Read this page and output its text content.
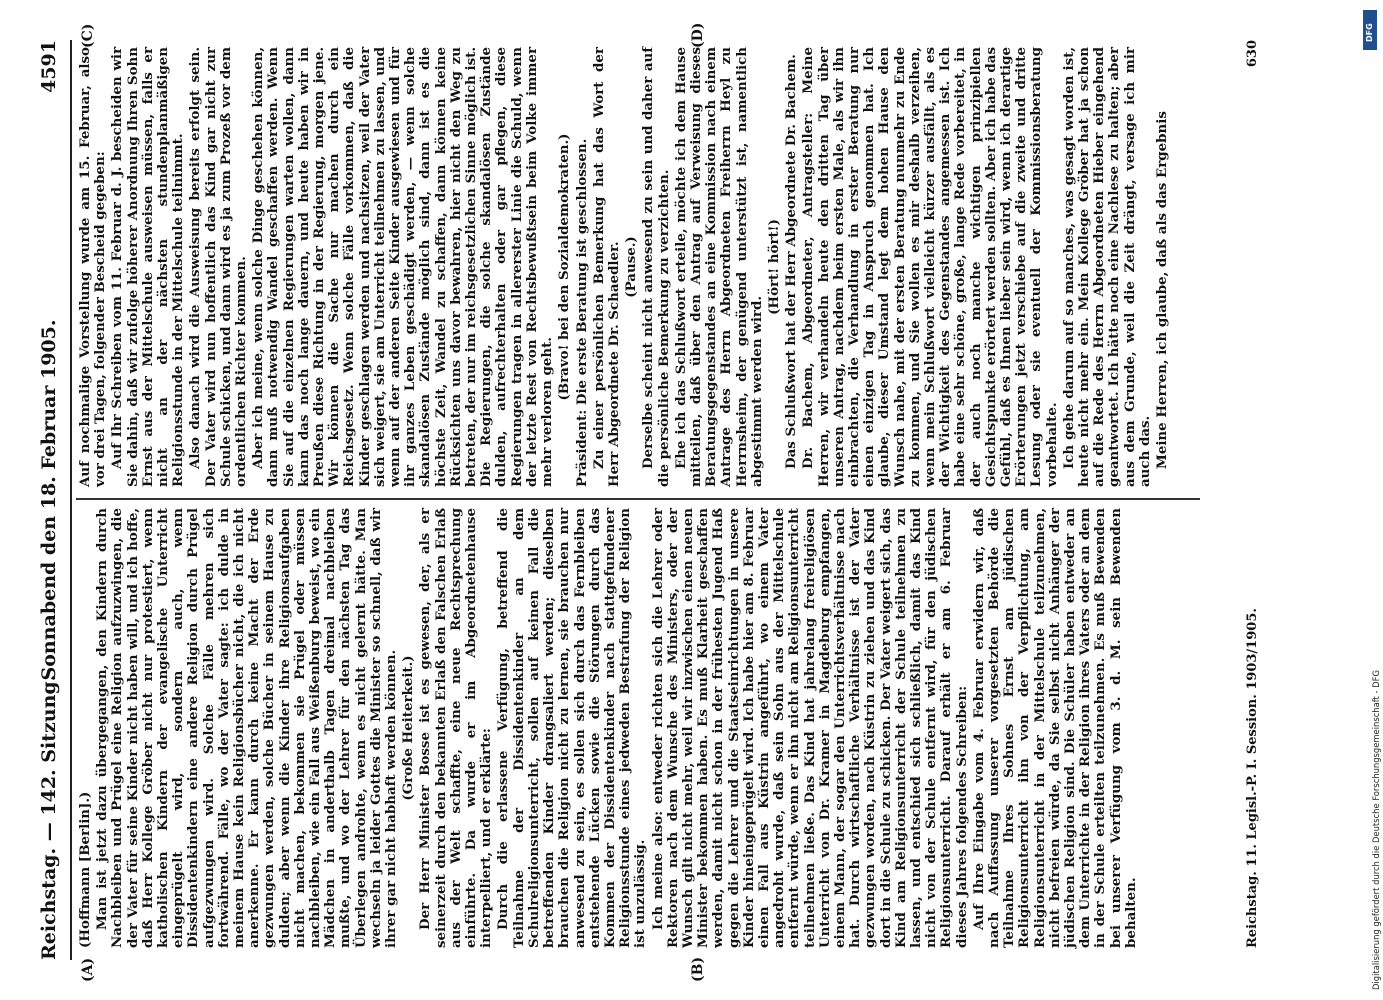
Reichstag. — 142. Sitzung.
Sonnabend den 18. Februar 1905.
4591
(A)	(B)
(C)	(D)

(Hoffmann [Berlin].) Man ist jetzt dazu übergegangen, den Kindern durch Nachbleiben und Prügel eine Religion aufzuzwingen, die der Vater für seine Kinder nicht haben will, und ich hoffe, daß Herr Kollege Gröber nicht nur protestiert, wenn katholischen Kindern der evangelische Unterricht eingeprügelt wird, sondern auch, wenn Dissidentenkindern eine andere Religion durch Prügel aufgezwungen wird. Solche Fälle mehren sich fortwährend. Fälle, wo der Vater sagte: ich dulde in meinem Hause kein Religionsbücher nicht, die ich nicht anerkenne. Er kann durch keine Macht der Erde gezwungen werden, solche Bücher in seinem Hause zu dulden; aber wenn die Kinder ihre Religionsaufgaben nicht machen, bekommen sie Prügel oder müssen nachbleiben, wie ein Fall aus Weißenburg beweist, wo ein Mädchen in anderthalb Tagen dreimal nachbleiben mußte, und wo der Lehrer für den nächsten Tag das Überlegen androhte, wenn es nicht gelernt hätte. Man wechseln ja leider Gottes die Minister so schnell, daß wir ihrer gar nicht habhaft werden können. (Große Heiterkeit.) Der Herr Minister Bosse ist es gewesen, der, als er seinerzeit durch den bekannten Erlaß den Falschen Erlaß aus der Welt schaffte, eine neue Rechtsprechung einführte. Da wurde er im Abgeordnetenhause interpelliert, und er erklärte: Durch die erlassene Verfügung, betreffend die Teilnahme der Dissidentenkinder an dem Schulreligionsunterricht, sollen auf keinen Fall die betreffenden Kinder drangsaliert werden; dieselben brauchen die Religion nicht zu lernen, sie brauchen nur anwesend zu sein, es sollen sich durch das Fernbleiben entstehende Lücken sowie die Störungen durch das Kommen der Dissidentenkinder nach stattgefundener Religionsstunde eines jedweden Bestrafung der Religion ist unzulässig. Ich meine also: entweder richten sich die Lehrer oder Rektoren nach dem Wunsche des Ministers, oder der Wunsch gilt nicht mehr, weil wir inzwischen einen neuen Minister bekommen haben. Es muß Klarheit geschaffen werden, damit nicht schon in der frühesten Jugend Haß gegen die Lehrer und die Staatseinrichtungen in unsere Kinder hineingeprügelt wird. Ich habe hier am 8. Februar einen Fall aus Küstrin angeführt, wo einem Vater angedroht wurde, daß sein Sohn aus der Mittelschule entfernt würde, wenn er ihn nicht am Religionsunterricht teilnehmen ließe. Das Kind hat jahrelang freireligiösen Unterricht von Dr. Kramer in Magdeburg empfangen, einem Mann, der sogar den Unterrichtsverhältnisse nach hat. Durch wirtschaftliche Verhältnisse ist der Vater gezwungen worden, nach Küstrin zu ziehen und das Kind dort in die Schule zu schicken. Der Vater weigert sich, das Kind am Religionsunterricht der Schule teilnehmen zu lassen, und entschied sich schließlich, damit das Kind nicht von der Schule entfernt wird, für den jüdischen Religionsunterricht. Darauf erhält er am 6. Februar dieses Jahres folgendes Schreiben: Auf Ihre Eingabe vom 4. Februar erwidern wir, daß nach Auffassung unserer vorgesetzten Behörde die Teilnahme Ihres Sohnes Ernst am jüdischen Religionsunterricht ihn von der Verpflichtung, am Religionsunterricht in der Mittelschule teilzunehmen, nicht befreien würde, da Sie selbst nicht Anhänger der jüdischen Religion sind. Die Schüler haben entweder an dem Unterrichte in der Religion ihres Vaters oder an dem in der Schule erteilten teilzunehmen. Es muß Bewenden bei unserer Verfügung vom 3. d. M. sein Bewenden behalten.

Auf nochmalige Vorstellung wurde am 15. Februar, also vor drei Tagen, folgender Bescheid gegeben: Auf Ihr Schreiben vom 11. Februar d. J. bescheiden wir Sie dahin, daß wir zufolge höherer Anordnung Ihren Sohn Ernst aus der Mittelschule ausweisen müssen, falls er nicht an der nächsten stundenplanmäßigen Religionsstunde in der Mittelschule teilnimmt. Also danach wird die Ausweisung bereits erfolgt sein. Der Vater wird nun hoffentlich das Kind gar nicht zur Schule schicken, und dann wird es ja zum Prozeß vor dem ordentlichen Richter kommen. Aber ich meine, wenn solche Dinge geschehen können, dann muß notwendig Wandel geschaffen werden. Wenn Sie auf die einzelnen Regierungen warten wollen, dann kann das noch lange dauern, und heute haben wir in Preußen diese Richtung in der Regierung, morgen jene. Wir können die Sache nur machen durch ein Reichsgesetz. Wenn solche Fälle vorkommen, daß die Kinder geschlagen werden und nachsitzen, weil der Vater sich weigert, sie am Unterricht teilnehmen zu lassen, und wenn auf der anderen Seite Kinder ausgewiesen und für ihr ganzes Leben geschädigt werden, — wenn solche skandalösen Zustände möglich sind, dann ist es die höchste Zeit, Wandel zu schaffen, dann können keine Rücksichten uns davor bewahren, hier nicht den Weg zu betreten, der nur im reichsgesetzlichen Sinne möglich ist. Die Regierungen, die solche skandalösen Zustände dulden, aufrechterhalten oder gar pflegen, diese Regierungen tragen in allererster Linie die Schuld, wenn der letzte Rest von Rechtsbewußtsein beim Volke immer mehr verloren geht.

(Bravo! bei den Sozialdemokraten.) Präsident: Die erste Beratung ist geschlossen. Zu einer persönlichen Bemerkung hat das Wort der Herr Abgeordnete Dr. Schaedler. (Pause.) Derselbe scheint nicht anwesend zu sein und daher auf die persönliche Bemerkung zu verzichten. Ehe ich das Schlußwort erteile, möchte ich dem Hause mitteilen, daß über den Antrag auf Verweisung dieses Beratungsgegenstandes an eine Kommission nach einem Antrage des Herrn Abgeordneten Freiherrn Heyl zu Herrnsheim, der genügend unterstützt ist, namentlich abgestimmt werden wird.

(Hört! hört!) Das Schlußwort hat der Herr Abgeordnete Dr. Bachem. Dr. Bachem, Abgeordneter, Antragsteller: Meine Herren, wir verhandeln heute den dritten Tag über unseren Antrag, nachdem beim ersten Male, als wir ihn einbrachten, die Verhandlung in erster Beratung nur einen einzigen Tag in Anspruch genommen hat. Ich glaube, dieser Umstand legt dem hohen Hause den Wunsch nahe, mit der ersten Beratung nunmehr zu Ende zu kommen, und Sie wollen es mir deshalb verzeihen, wenn mein Schlußwort vielleicht kürzer ausfällt, als es der Wichtigkeit des Gegenstandes angemessen ist. Ich habe eine sehr schöne, große, lange Rede vorbereitet, in der auch noch manche wichtigen prinzipiellen Gesichtspunkte erörtert werden sollten. Aber ich habe das Gefühl, daß es Ihnen lieber sein wird, wenn ich derartige Erörterungen jetzt verschiebe auf die zweite und dritte Lesung oder sie eventuell der Kommissionsberatung vorbehalte. Ich gehe darum auf so manches, was gesagt worden ist, heute nicht mehr ein. Mein Kollege Gröber hat ja schon auf die Rede des Herrn Abgeordneten Hieber eingehend geantwortet. Ich hätte noch eine Nachlese zu halten; aber aus dem Grunde, weil die Zeit drängt, versage ich mir auch das. Meine Herren, ich glaube, daß als das Ergebnis

Reichstag. 11. Legisl.-P. I. Session. 1903/1905.
630
DFG
Digitalisierung gefördert durch die Deutsche Forschungsgemeinschaft - DFG
